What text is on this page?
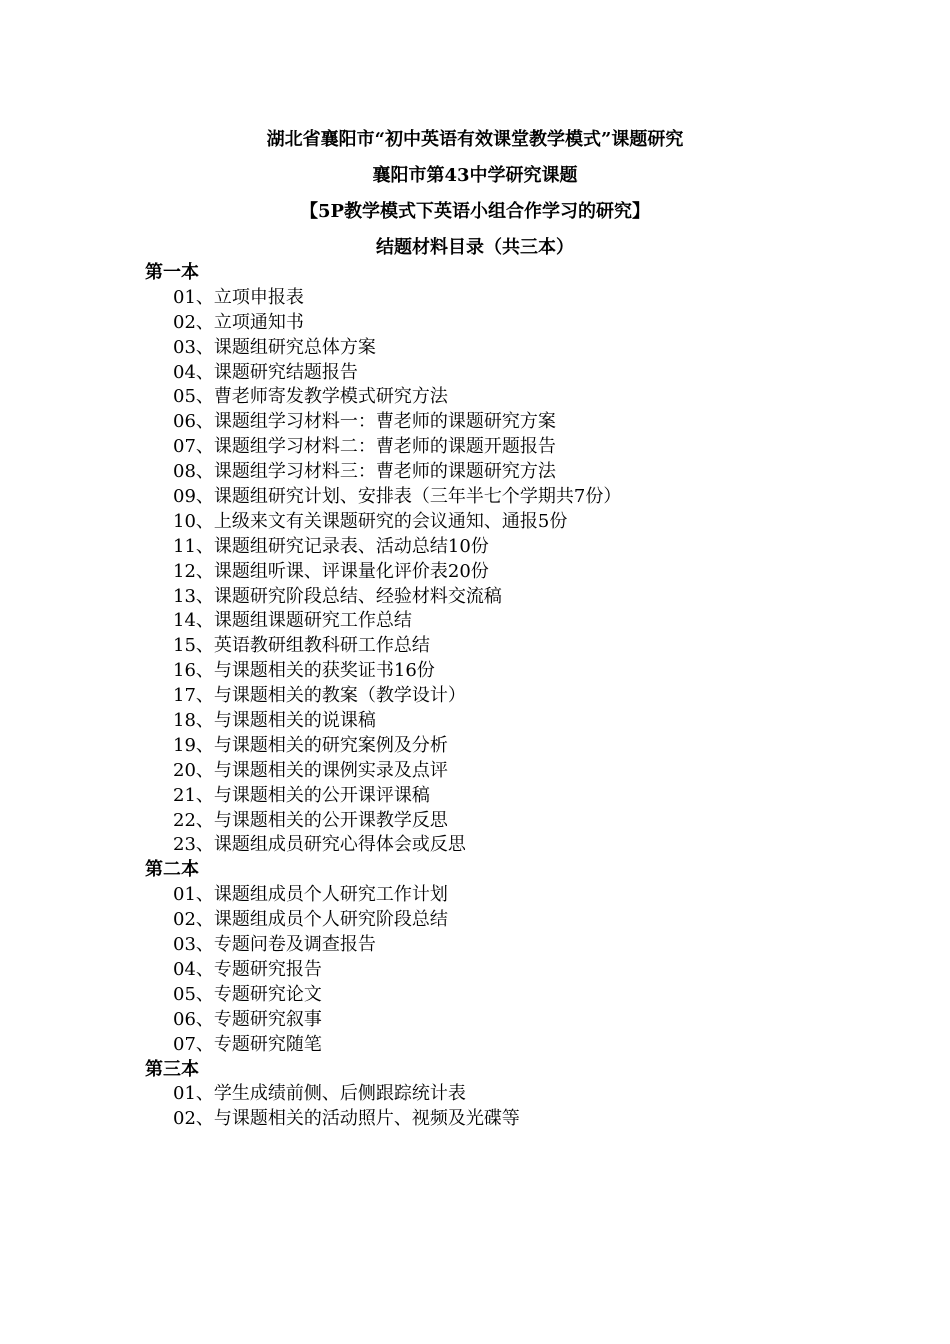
湖北省襄阳市“初中英语有效课堂教学模式”课题研究
襄阳市第43中学研究课题
【5P教学模式下英语小组合作学习的研究】
结题材料目录（共三本）
第一本
01、立项申报表
02、立项通知书
03、课题组研究总体方案
04、课题研究结题报告
05、曹老师寄发教学模式研究方法
06、课题组学习材料一：曹老师的课题研究方案
07、课题组学习材料二：曹老师的课题开题报告
08、课题组学习材料三：曹老师的课题研究方法
09、课题组研究计划、安排表（三年半七个学期共7份）
10、上级来文有关课题研究的会议通知、通报5份
11、课题组研究记录表、活动总结10份
12、课题组听课、评课量化评价表20份
13、课题研究阶段总结、经验材料交流稿
14、课题组课题研究工作总结
15、英语教研组教科研工作总结
16、与课题相关的获奖证书16份
17、与课题相关的教案（教学设计）
18、与课题相关的说课稿
19、与课题相关的研究案例及分析
20、与课题相关的课例实录及点评
21、与课题相关的公开课评课稿
22、与课题相关的公开课教学反思
23、课题组成员研究心得体会或反思
第二本
01、课题组成员个人研究工作计划
02、课题组成员个人研究阶段总结
03、专题问卷及调查报告
04、专题研究报告
05、专题研究论文
06、专题研究叙事
07、专题研究随笔
第三本
01、学生成绩前侧、后侧跟踪统计表
02、与课题相关的活动照片、视频及光碟等
